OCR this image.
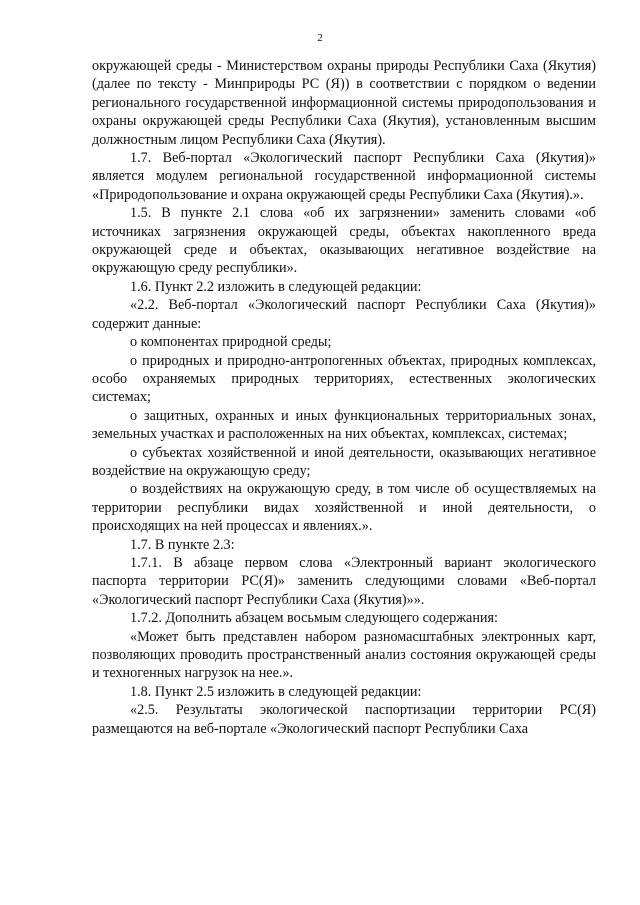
2

окружающей среды - Министерством охраны природы Республики Саха (Якутия) (далее по тексту - Минприроды РС (Я)) в соответствии с порядком о ведении регионального государственной информационной системы природопользования и охраны окружающей среды Республики Саха (Якутия), установленным высшим должностным лицом Республики Саха (Якутия).

1.7. Веб-портал «Экологический паспорт Республики Саха (Якутия)» является модулем региональной государственной информационной системы «Природопользование и охрана окружающей среды Республики Саха (Якутия).».

1.5. В пункте 2.1 слова «об их загрязнении» заменить словами «об источниках загрязнения окружающей среды, объектах накопленного вреда окружающей среде и объектах, оказывающих негативное воздействие на окружающую среду республики».

1.6. Пункт 2.2 изложить в следующей редакции:

«2.2. Веб-портал «Экологический паспорт Республики Саха (Якутия)» содержит данные:

о компонентах природной среды;

о природных и природно-антропогенных объектах, природных комплексах, особо охраняемых природных территориях, естественных экологических системах;

о защитных, охранных и иных функциональных территориальных зонах, земельных участках и расположенных на них объектах, комплексах, системах;

о субъектах хозяйственной и иной деятельности, оказывающих негативное воздействие на окружающую среду;

о воздействиях на окружающую среду, в том числе об осуществляемых на территории республики видах хозяйственной и иной деятельности, о происходящих на ней процессах и явлениях.».

1.7. В пункте 2.3:

1.7.1. В абзаце первом слова «Электронный вариант экологического паспорта территории РС(Я)» заменить следующими словами «Веб-портал «Экологический паспорт Республики Саха (Якутия)»».

1.7.2. Дополнить абзацем восьмым следующего содержания:

«Может быть представлен набором разномасштабных электронных карт, позволяющих проводить пространственный анализ состояния окружающей среды и техногенных нагрузок на нее.».

1.8. Пункт 2.5 изложить в следующей редакции:

«2.5. Результаты экологической паспортизации территории РС(Я) размещаются на веб-портале «Экологический паспорт Республики Саха
